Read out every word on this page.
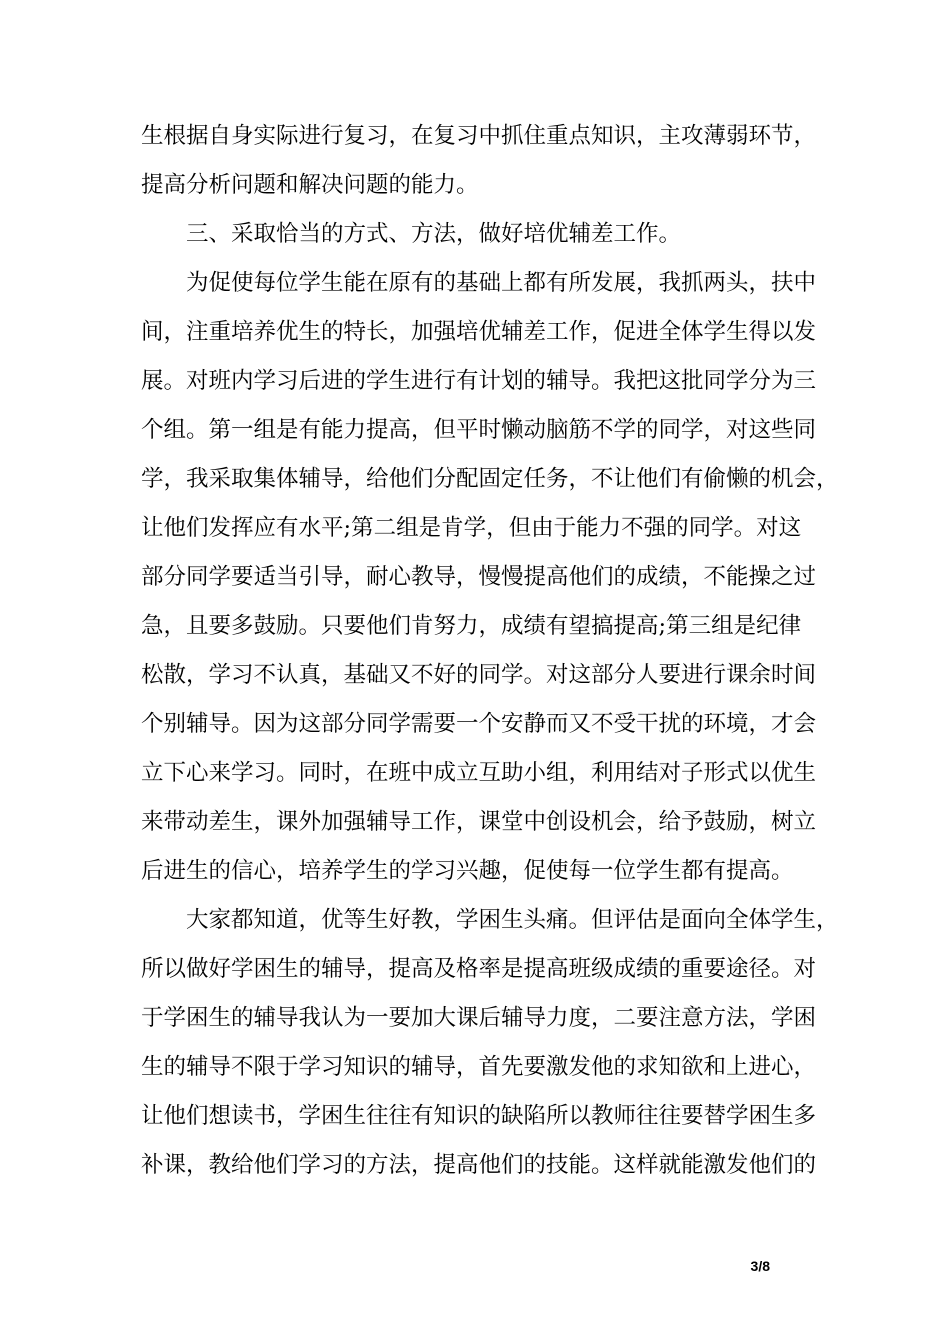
生根据自身实际进行复习，在复习中抓住重点知识，主攻薄弱环节，
提高分析问题和解决问题的能力。
三、采取恰当的方式、方法，做好培优辅差工作。
为促使每位学生能在原有的基础上都有所发展，我抓两头，扶中
间，注重培养优生的特长，加强培优辅差工作，促进全体学生得以发
展。对班内学习后进的学生进行有计划的辅导。我把这批同学分为三
个组。第一组是有能力提高，但平时懒动脑筋不学的同学，对这些同
学，我采取集体辅导，给他们分配固定任务，不让他们有偷懒的机会，
让他们发挥应有水平;第二组是肯学，但由于能力不强的同学。对这
部分同学要适当引导，耐心教导，慢慢提高他们的成绩，不能操之过
急，且要多鼓励。只要他们肯努力，成绩有望搞提高;第三组是纪律
松散，学习不认真，基础又不好的同学。对这部分人要进行课余时间
个别辅导。因为这部分同学需要一个安静而又不受干扰的环境，才会
立下心来学习。同时，在班中成立互助小组，利用结对子形式以优生
来带动差生，课外加强辅导工作，课堂中创设机会，给予鼓励，树立
后进生的信心，培养学生的学习兴趣，促使每一位学生都有提高。
大家都知道，优等生好教，学困生头痛。但评估是面向全体学生，
所以做好学困生的辅导，提高及格率是提高班级成绩的重要途径。对
于学困生的辅导我认为一要加大课后辅导力度，二要注意方法，学困
生的辅导不限于学习知识的辅导，首先要激发他的求知欲和上进心，
让他们想读书，学困生往往有知识的缺陷所以教师往往要替学困生多
补课，教给他们学习的方法，提高他们的技能。这样就能激发他们的
3/8
